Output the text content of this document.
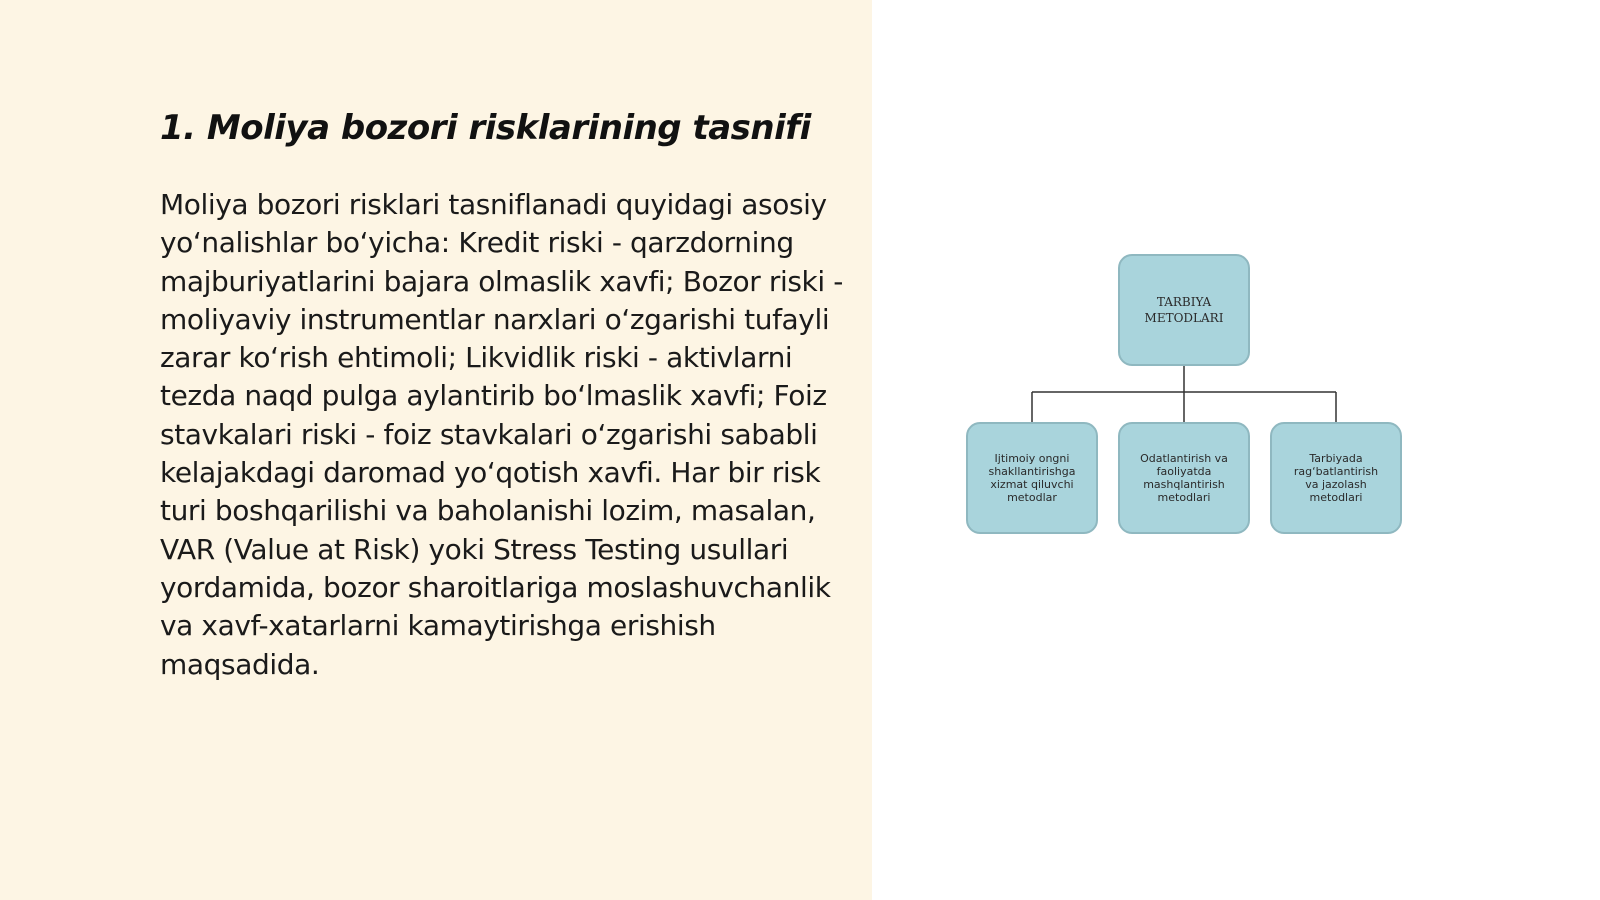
1. Moliya bozori risklarining tasnifi

Moliya bozori risklari tasniflanadi quyidagi asosiy yo‘nalishlar bo‘yicha: Kredit riski - qarzdorning majburiyatlarini bajara olmaslik xavfi; Bozor riski - moliyaviy instrumentlar narxlari o‘zgarishi tufayli zarar ko‘rish ehtimoli; Likvidlik riski - aktivlarni tezda naqd pulga aylantirib bo‘lmaslik xavfi; Foiz stavkalari riski - foiz stavkalari o‘zgarishi sababli kelajakdagi daromad yo‘qotish xavfi. Har bir risk turi boshqarilishi va baholanishi lozim, masalan, VAR (Value at Risk) yoki Stress Testing usullari yordamida, bozor sharoitlariga moslashuvchanlik va xavf-xatarlarni kamaytirishga erishish maqsadida.

TARBIYA METODLARI
Ijtimoiy ongni shakllantirishga xizmat qiluvchi metodlar
Odatlantirish va faoliyatda mashqlantirish metodlari
Tarbiyada rag‘batlantirish va jazolash metodlari
